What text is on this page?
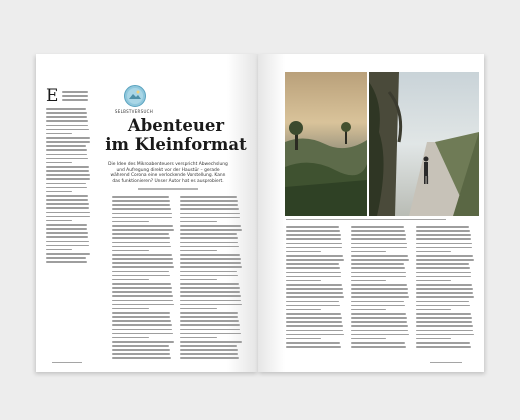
SELBSTVERSUCH
Abenteuer
im Kleinformat
Die Idee des Mikroabenteuers verspricht Abwechslung und Aufregung direkt vor der Haustür – gerade während Corona eine verlockende Vorstellung. Kann das funktionieren? Unser Autor hat es ausprobiert.
E
